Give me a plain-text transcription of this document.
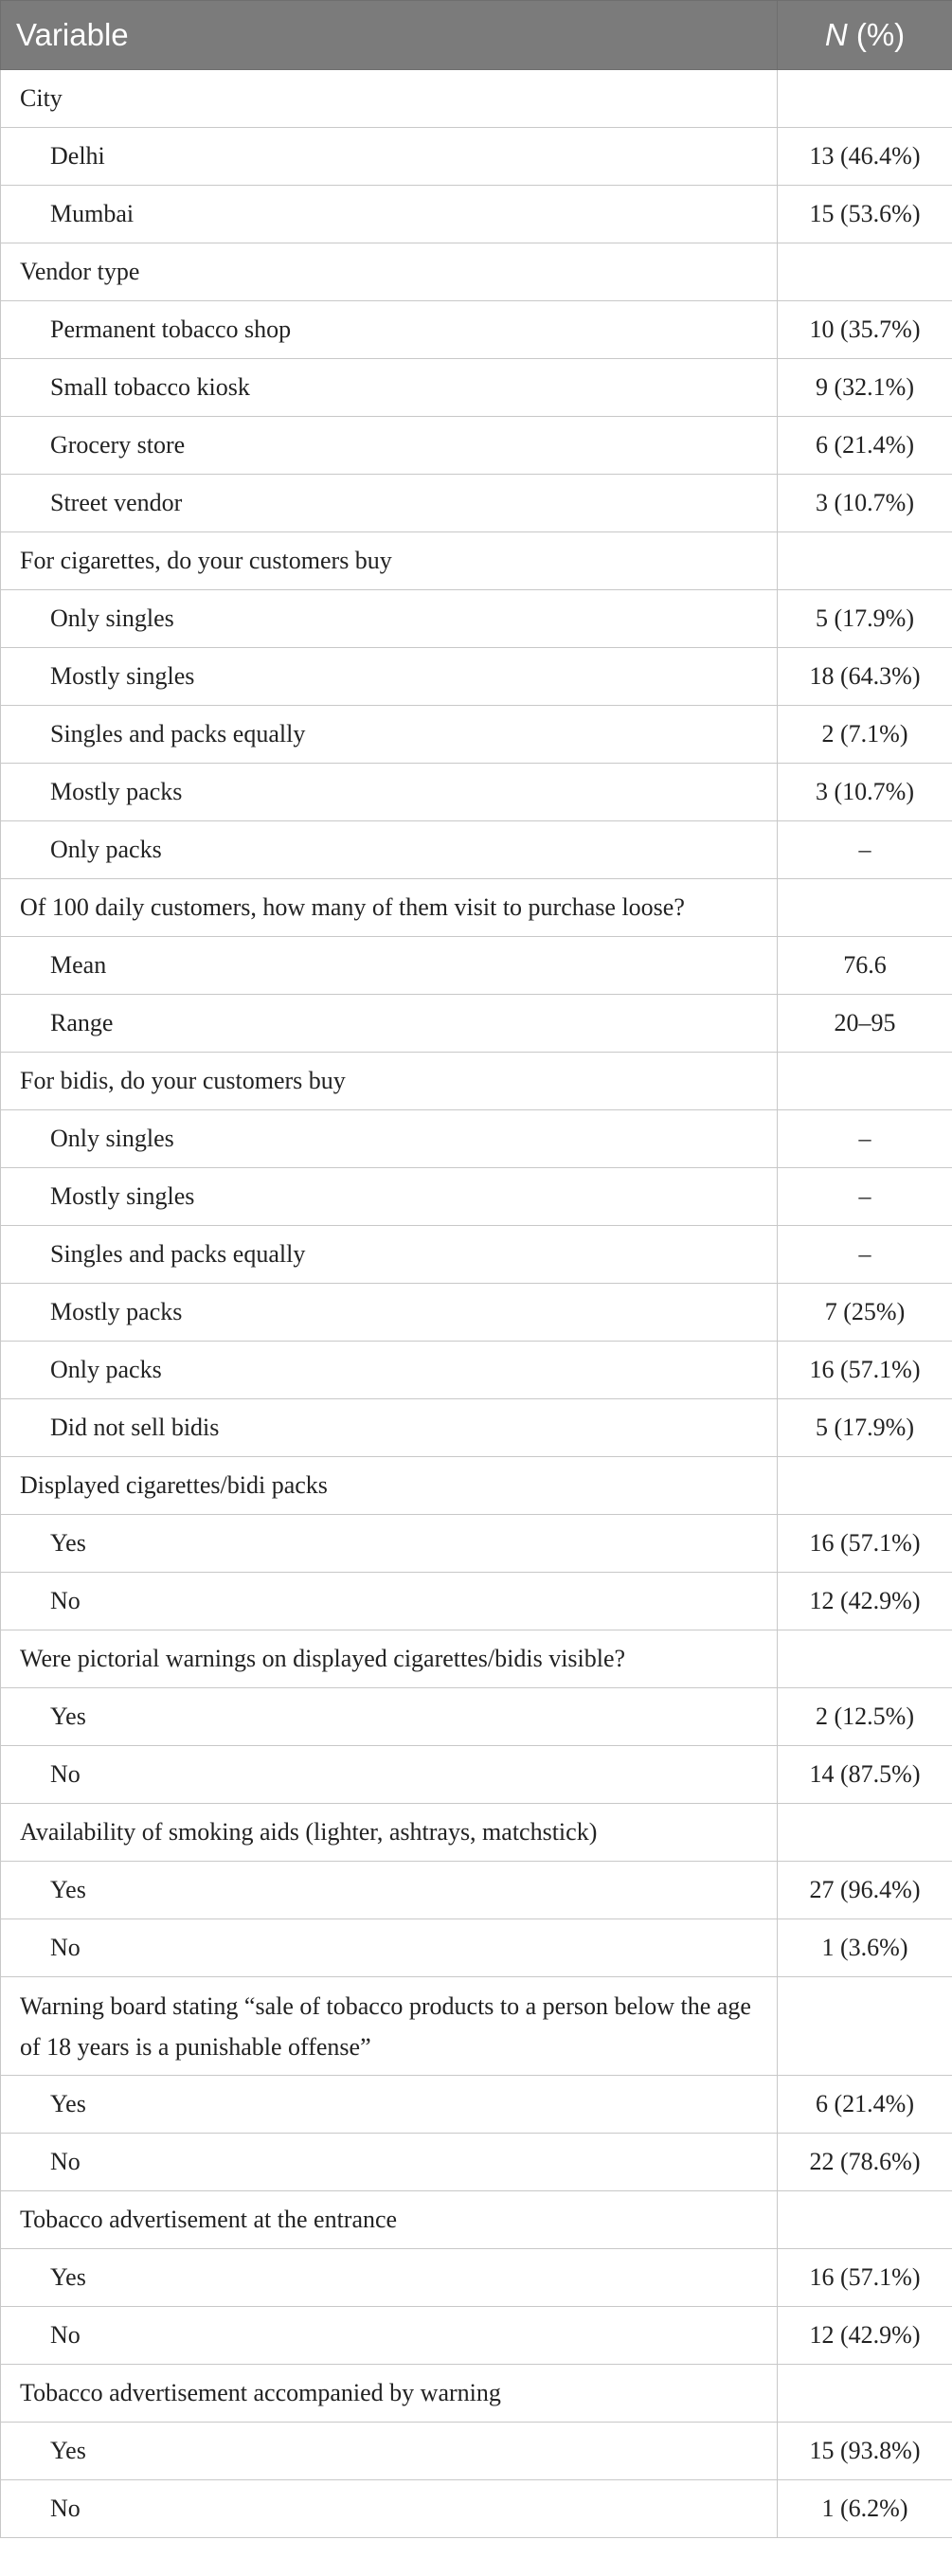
Variable	N (%)
City	
Delhi	13 (46.4%)
Mumbai	15 (53.6%)
Vendor type	
Permanent tobacco shop	10 (35.7%)
Small tobacco kiosk	9 (32.1%)
Grocery store	6 (21.4%)
Street vendor	3 (10.7%)
For cigarettes, do your customers buy	
Only singles	5 (17.9%)
Mostly singles	18 (64.3%)
Singles and packs equally	2 (7.1%)
Mostly packs	3 (10.7%)
Only packs	–
Of 100 daily customers, how many of them visit to purchase loose?	
Mean	76.6
Range	20–95
For bidis, do your customers buy	
Only singles	–
Mostly singles	–
Singles and packs equally	–
Mostly packs	7 (25%)
Only packs	16 (57.1%)
Did not sell bidis	5 (17.9%)
Displayed cigarettes/bidi packs	
Yes	16 (57.1%)
No	12 (42.9%)
Were pictorial warnings on displayed cigarettes/bidis visible?	
Yes	2 (12.5%)
No	14 (87.5%)
Availability of smoking aids (lighter, ashtrays, matchstick)	
Yes	27 (96.4%)
No	1 (3.6%)
Warning board stating “sale of tobacco products to a person below the age of 18 years is a punishable offense”	
Yes	6 (21.4%)
No	22 (78.6%)
Tobacco advertisement at the entrance	
Yes	16 (57.1%)
No	12 (42.9%)
Tobacco advertisement accompanied by warning	
Yes	15 (93.8%)
No	1 (6.2%)
